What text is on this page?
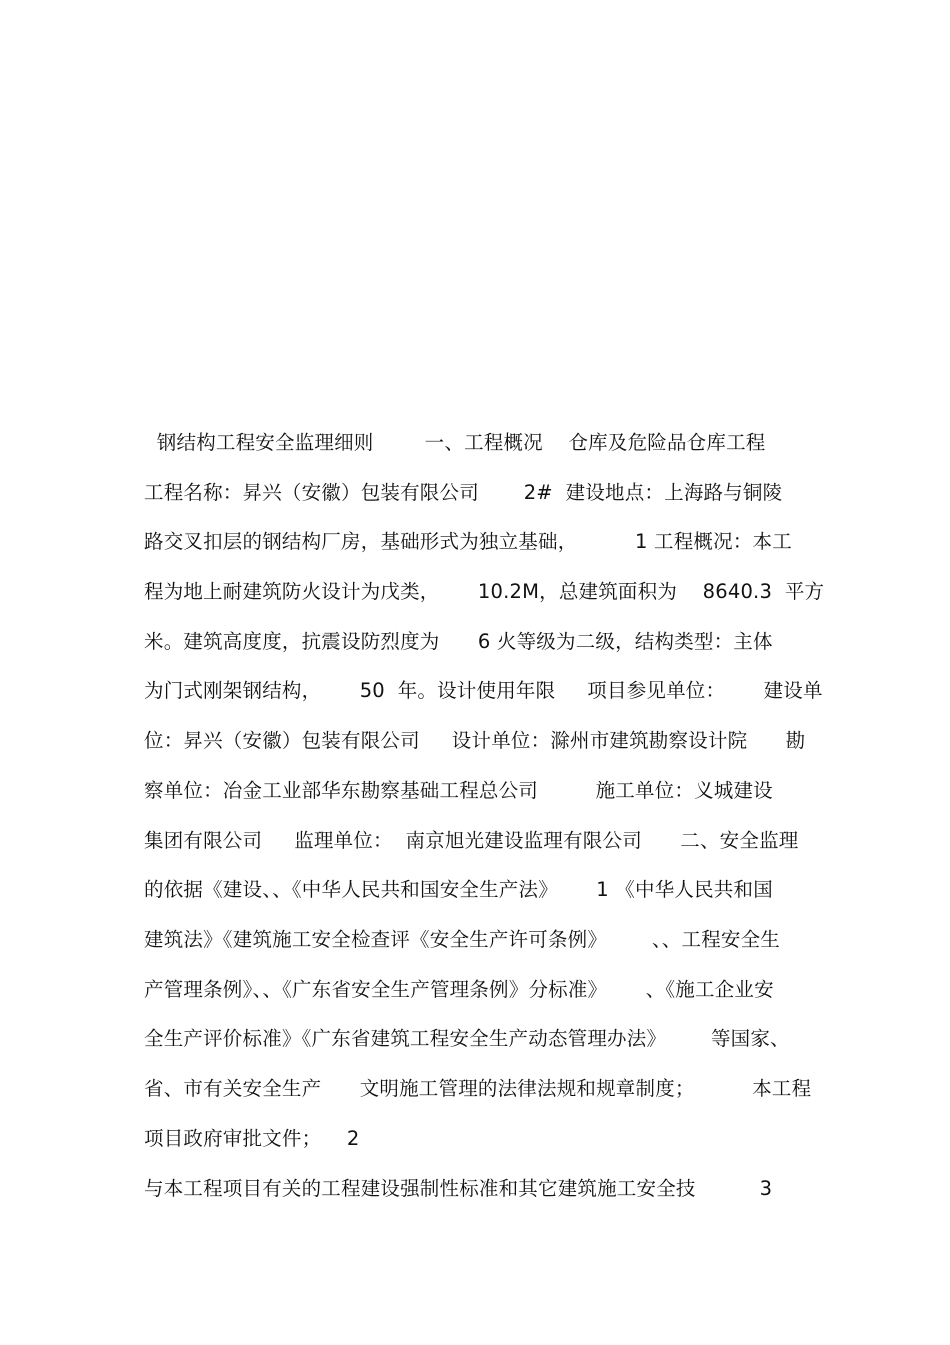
钢结构工程安全监理细则        一、工程概况    仓库及危险品仓库工程
工程名称：昇兴（安徽）包装有限公司       2#  建设地点：上海路与铜陵
路交叉扣层的钢结构厂房，基础形式为独立基础，         1 工程概况：本工
程为地上耐建筑防火设计为戊类，      10.2M，总建筑面积为    8640.3  平方
米。建筑高度度，抗震设防烈度为      6 火等级为二级，结构类型：主体
为门式刚架钢结构，      50  年。设计使用年限     项目参见单位：      建设单
位：昇兴（安徽）包装有限公司     设计单位：滁州市建筑勘察设计院      勘
察单位：冶金工业部华东勘察基础工程总公司         施工单位：义城建设
集团有限公司     监理单位：  南京旭光建设监理有限公司      二、安全监理
的依据《建设、、《中华人民共和国安全生产法》      1 《中华人民共和国
建筑法》《建筑施工安全检查评《安全生产许可条例》       、、工程安全生
产管理条例》、、《广东省安全生产管理条例》分标准》      、《施工企业安
全生产评价标准》《广东省建筑工程安全生产动态管理办法》       等国家、
省、市有关安全生产      文明施工管理的法律法规和规章制度；         本工程
项目政府审批文件；    2
与本工程项目有关的工程建设强制性标准和其它建筑施工安全技          3
